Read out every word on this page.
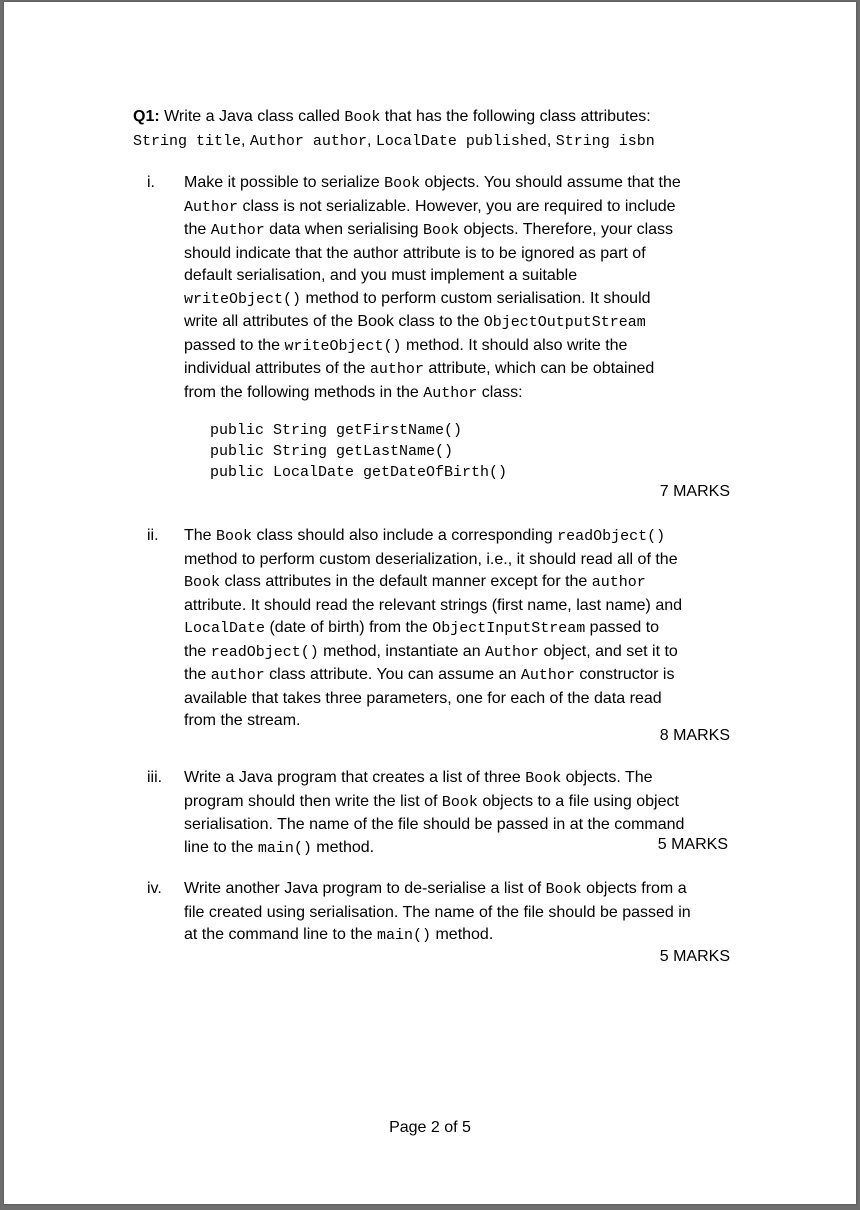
Q1: Write a Java class called Book that has the following class attributes:
String title, Author author, LocalDate published, String isbn
i.	Make it possible to serialize Book objects. You should assume that the
Author class is not serializable. However, you are required to include
the Author data when serialising Book objects. Therefore, your class
should indicate that the author attribute is to be ignored as part of
default serialisation, and you must implement a suitable
writeObject() method to perform custom serialisation. It should
write all attributes of the Book class to the ObjectOutputStream
passed to the writeObject() method. It should also write the
individual attributes of the author attribute, which can be obtained
from the following methods in the Author class:
public String getFirstName()
public String getLastName()
public LocalDate getDateOfBirth()
7 MARKS
ii.	The Book class should also include a corresponding readObject()
method to perform custom deserialization, i.e., it should read all of the
Book class attributes in the default manner except for the author
attribute. It should read the relevant strings (first name, last name) and
LocalDate (date of birth) from the ObjectInputStream passed to
the readObject() method, instantiate an Author object, and set it to
the author class attribute. You can assume an Author constructor is
available that takes three parameters, one for each of the data read
from the stream.
8 MARKS
iii.	Write a Java program that creates a list of three Book objects. The
program should then write the list of Book objects to a file using object
serialisation. The name of the file should be passed in at the command
line to the main() method.	5 MARKS
iv.	Write another Java program to de-serialise a list of Book objects from a
file created using serialisation. The name of the file should be passed in
at the command line to the main() method.
5 MARKS
Page 2 of 5
